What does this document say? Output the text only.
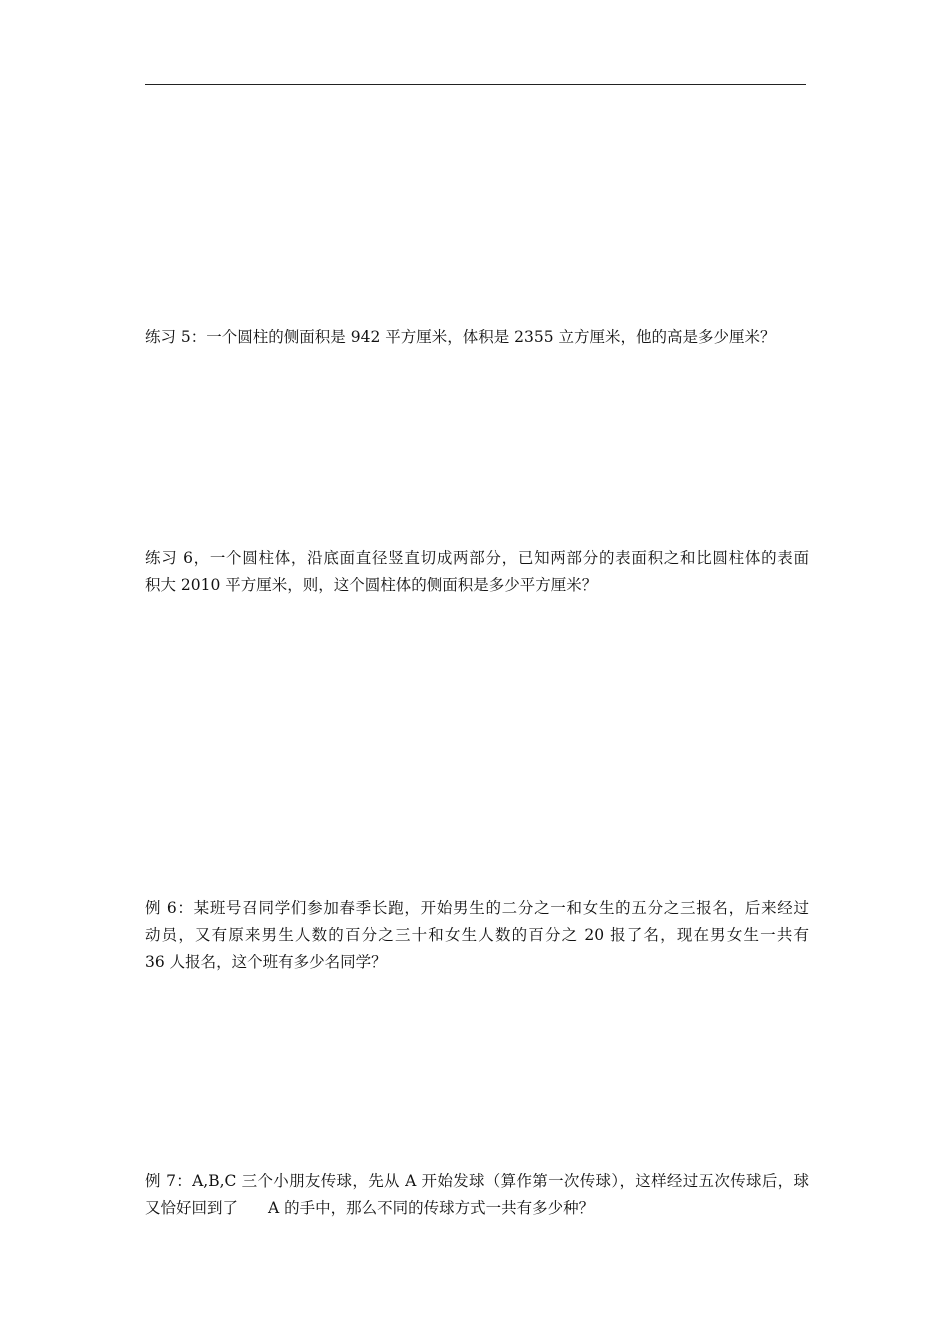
练习 5：一个圆柱的侧面积是 942 平方厘米，体积是 2355 立方厘米，他的高是多少厘米？
练习 6，一个圆柱体，沿底面直径竖直切成两部分，已知两部分的表面积之和比圆柱体的表面
积大 2010 平方厘米，则，这个圆柱体的侧面积是多少平方厘米？
例 6：某班号召同学们参加春季长跑，开始男生的二分之一和女生的五分之三报名，后来经过
动员，又有原来男生人数的百分之三十和女生人数的百分之 20 报了名，现在男女生一共有
36 人报名，这个班有多少名同学？
例 7：A,B,C 三个小朋友传球，先从 A 开始发球（算作第一次传球），这样经过五次传球后，球
又恰好回到了 A 的手中，那么不同的传球方式一共有多少种？
